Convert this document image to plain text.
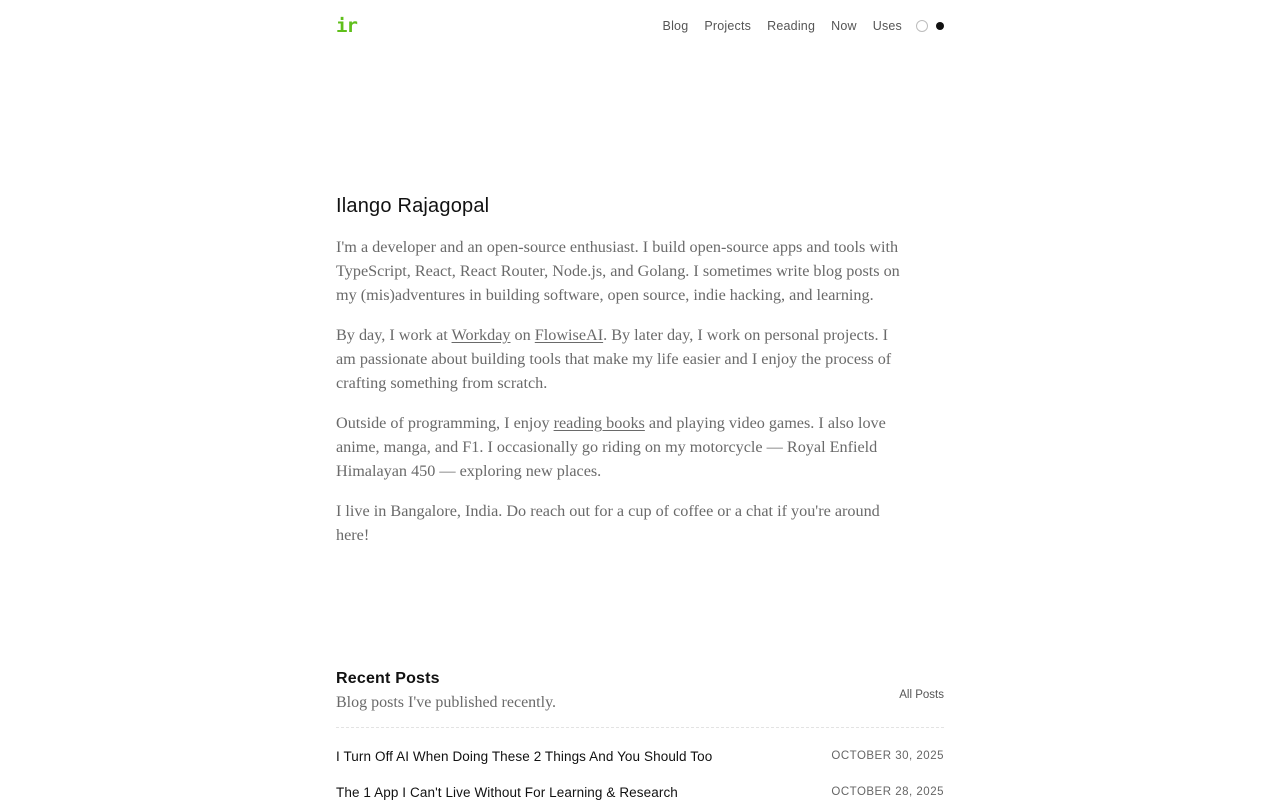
ir	Blog Projects Reading Now Uses
Ilango Rajagopal

I'm a developer and an open-source enthusiast. I build open-source apps and tools with TypeScript, React, React Router, Node.js, and Golang. I sometimes write blog posts on my (mis)adventures in building software, open source, indie hacking, and learning.

By day, I work at Workday on FlowiseAI. By later day, I work on personal projects. I am passionate about building tools that make my life easier and I enjoy the process of crafting something from scratch.

Outside of programming, I enjoy reading books and playing video games. I also love anime, manga, and F1. I occasionally go riding on my motorcycle — Royal Enfield Himalayan 450 — exploring new places.

I live in Bangalore, India. Do reach out for a cup of coffee or a chat if you're around here!

Recent Posts

Blog posts I've published recently.	All Posts
I Turn Off AI When Doing These 2 Things And You Should Too	OCTOBER 30, 2025
The 1 App I Can't Live Without For Learning & Research	OCTOBER 28, 2025
